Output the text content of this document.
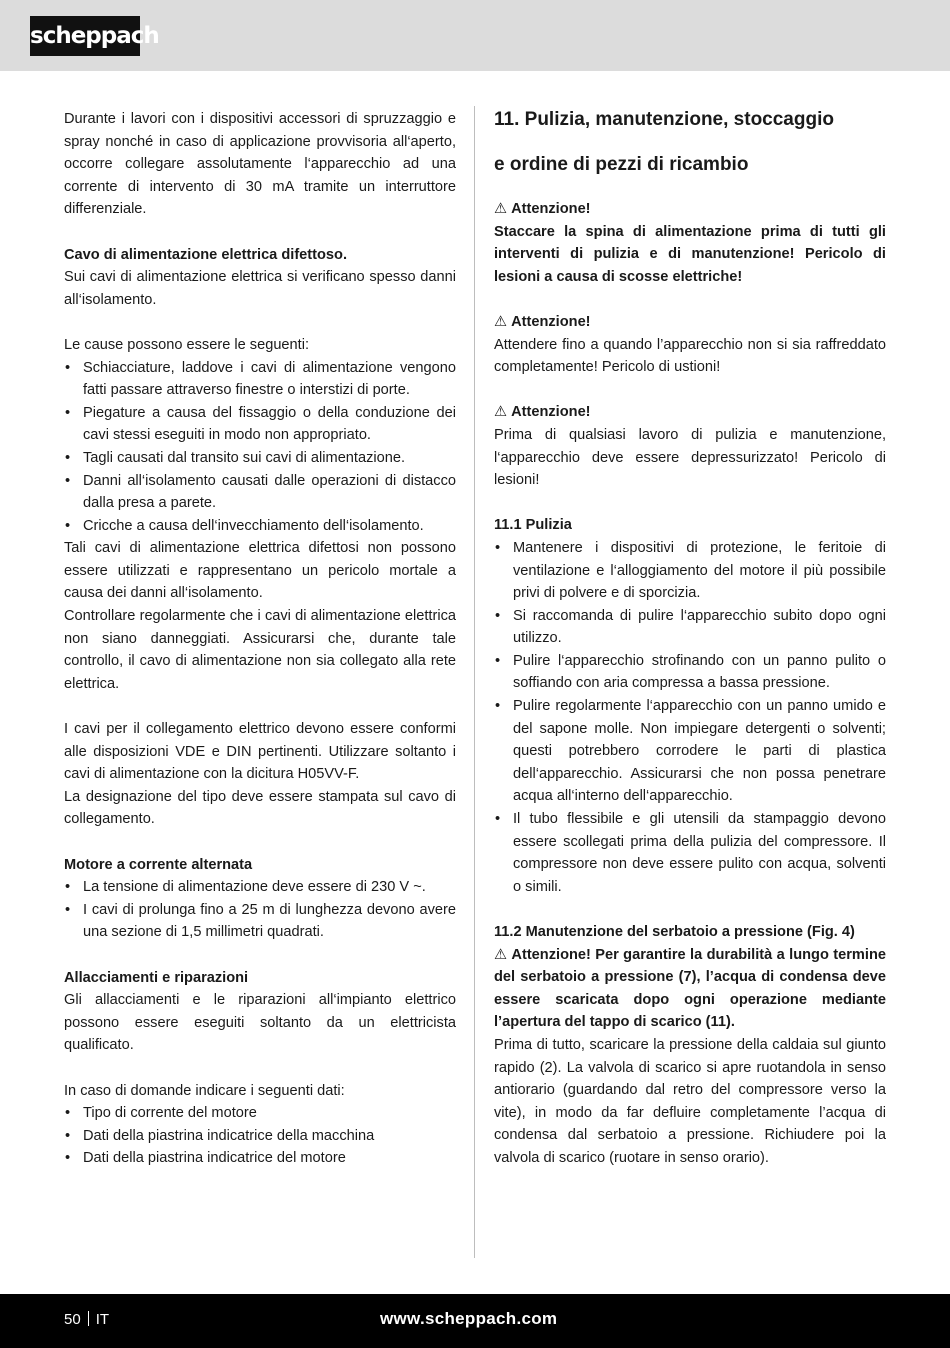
scheppach

Durante i lavori con i dispositivi accessori di spruzzaggio e spray nonché in caso di applicazione provvisoria all‘aperto, occorre collegare assolutamente l‘apparecchio ad una corrente di intervento di 30 mA tramite un interruttore differenziale.

Cavo di alimentazione elettrica difettoso.

Sui cavi di alimentazione elettrica si verificano spesso danni all‘isolamento.

Le cause possono essere le seguenti:

• Schiacciature, laddove i cavi di alimentazione vengono fatti passare attraverso finestre o interstizi di porte.
• Piegature a causa del fissaggio o della conduzione dei cavi stessi eseguiti in modo non appropriato.
• Tagli causati dal transito sui cavi di alimentazione.
• Danni all‘isolamento causati dalle operazioni di distacco dalla presa a parete.
• Cricche a causa dell‘invecchiamento dell‘isolamento.

Tali cavi di alimentazione elettrica difettosi non possono essere utilizzati e rappresentano un pericolo mortale a causa dei danni all‘isolamento.

Controllare regolarmente che i cavi di alimentazione elettrica non siano danneggiati. Assicurarsi che, durante tale controllo, il cavo di alimentazione non sia collegato alla rete elettrica.

I cavi per il collegamento elettrico devono essere conformi alle disposizioni VDE e DIN pertinenti. Utilizzare soltanto i cavi di alimentazione con la dicitura H05VV-F.

La designazione del tipo deve essere stampata sul cavo di collegamento.

Motore a corrente alternata

• La tensione di alimentazione deve essere di 230 V ~.
• I cavi di prolunga fino a 25 m di lunghezza devono avere una sezione di 1,5 millimetri quadrati.

Allacciamenti e riparazioni

Gli allacciamenti e le riparazioni all‘impianto elettrico possono essere eseguiti soltanto da un elettricista qualificato.

In caso di domande indicare i seguenti dati:

• Tipo di corrente del motore
• Dati della piastrina indicatrice della macchina
• Dati della piastrina indicatrice del motore

11. Pulizia, manutenzione, stoccaggio

e ordine di pezzi di ricambio

⚠ Attenzione!

Staccare la spina di alimentazione prima di tutti gli interventi di pulizia e di manutenzione! Pericolo di lesioni a causa di scosse elettriche!

⚠ Attenzione!

Attendere fino a quando l’apparecchio non si sia raffreddato completamente! Pericolo di ustioni!

⚠ Attenzione!

Prima di qualsiasi lavoro di pulizia e manutenzione, l‘apparecchio deve essere depressurizzato! Pericolo di lesioni!

11.1 Pulizia

• Mantenere i dispositivi di protezione, le feritoie di ventilazione e l‘alloggiamento del motore il più possibile privi di polvere e di sporcizia.
• Si raccomanda di pulire l‘apparecchio subito dopo ogni utilizzo.
• Pulire l‘apparecchio strofinando con un panno pulito o soffiando con aria compressa a bassa pressione.
• Pulire regolarmente l‘apparecchio con un panno umido e del sapone molle. Non impiegare detergenti o solventi; questi potrebbero corrodere le parti di plastica dell‘apparecchio. Assicurarsi che non possa penetrare acqua all‘interno dell‘apparecchio.
• Il tubo flessibile e gli utensili da stampaggio devono essere scollegati prima della pulizia del compressore. Il compressore non deve essere pulito con acqua, solventi o simili.

11.2 Manutenzione del serbatoio a pressione (Fig. 4)

⚠ Attenzione! Per garantire la durabilità a lungo termine del serbatoio a pressione (7), l’acqua di condensa deve essere scaricata dopo ogni operazione mediante l’apertura del tappo di scarico (11).

Prima di tutto, scaricare la pressione della caldaia sul giunto rapido (2). La valvola di scarico si apre ruotandola in senso antiorario (guardando dal retro del compressore verso la vite), in modo da far defluire completamente l’acqua di condensa dal serbatoio a pressione. Richiudere poi la valvola di scarico (ruotare in senso orario).

50 IT	www.scheppach.com
